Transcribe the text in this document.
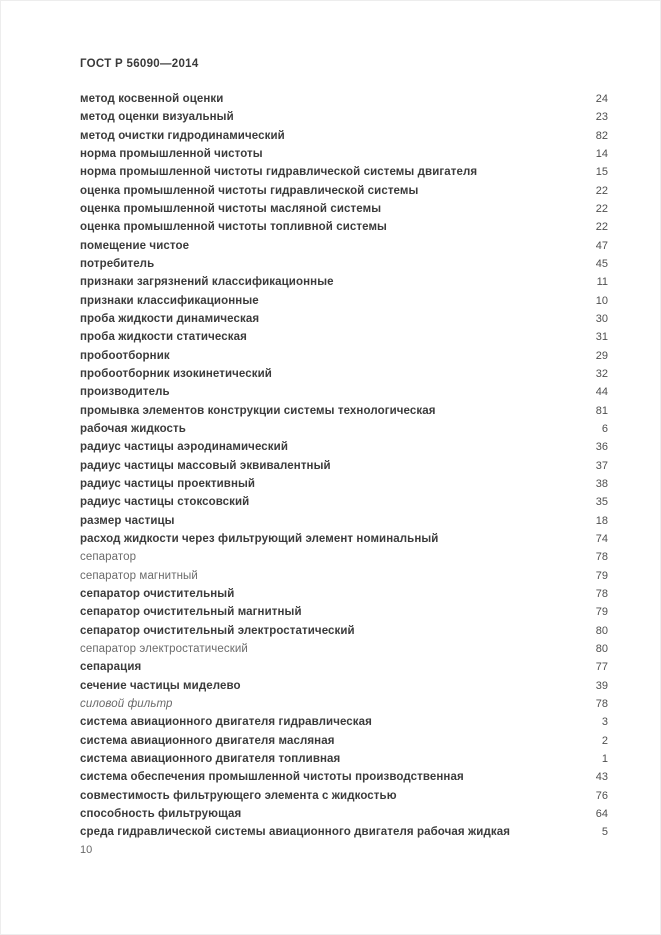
ГОСТ Р 56090—2014
метод косвенной оценки	24
метод оценки визуальный	23
метод очистки гидродинамический	82
норма промышленной чистоты	14
норма промышленной чистоты гидравлической системы двигателя	15
оценка промышленной чистоты гидравлической системы	22
оценка промышленной чистоты масляной системы	22
оценка промышленной чистоты топливной системы	22
помещение чистое	47
потребитель	45
признаки загрязнений классификационные	11
признаки классификационные	10
проба жидкости динамическая	30
проба жидкости статическая	31
пробоотборник	29
пробоотборник изокинетический	32
производитель	44
промывка элементов конструкции системы технологическая	81
рабочая жидкость	6
радиус частицы аэродинамический	36
радиус частицы массовый эквивалентный	37
радиус частицы проективный	38
радиус частицы стоксовский	35
размер частицы	18
расход жидкости через фильтрующий элемент номинальный	74
сепаратор	78
сепаратор магнитный	79
сепаратор очистительный	78
сепаратор очистительный магнитный	79
сепаратор очистительный электростатический	80
сепаратор электростатический	80
сепарация	77
сечение частицы миделево	39
силовой фильтр	78
система авиационного двигателя гидравлическая	3
система авиационного двигателя масляная	2
система авиационного двигателя топливная	1
система обеспечения промышленной чистоты производственная	43
совместимость фильтрующего элемента с жидкостью	76
способность фильтрующая	64
среда гидравлической системы авиационного двигателя рабочая жидкая	5
10
